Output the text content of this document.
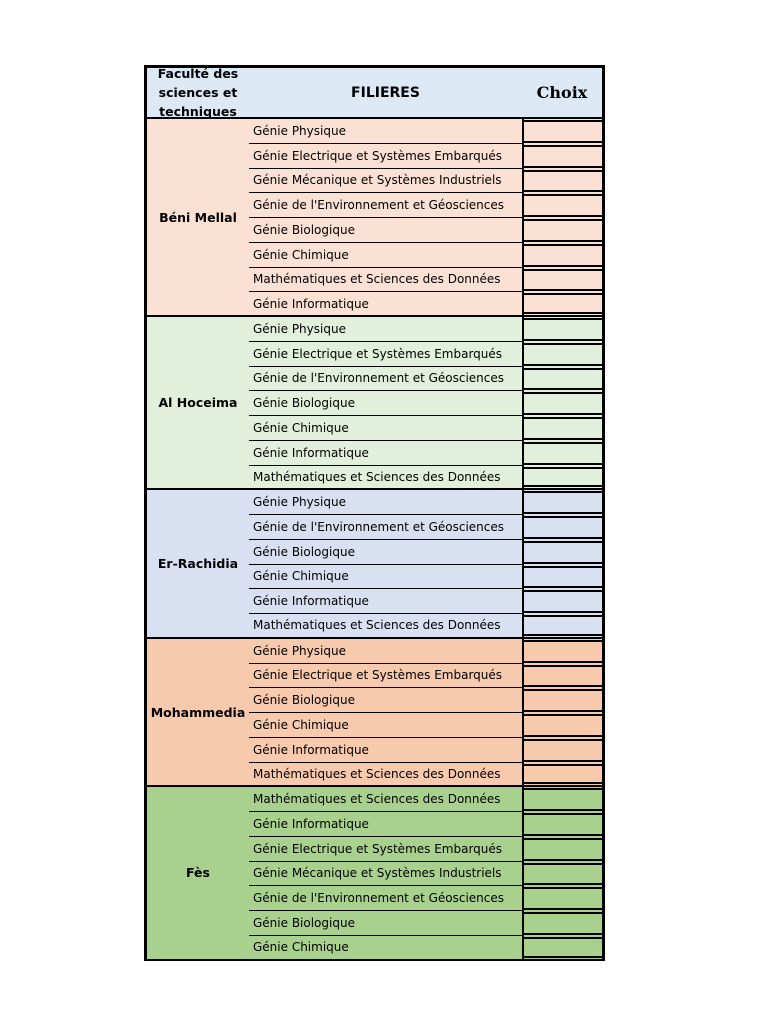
Faculté des sciences et techniques
FILIERES	Choix
Béni Mellal
Génie Physique
Génie Electrique et Systèmes Embarqués
Génie Mécanique et Systèmes Industriels
Génie de l'Environnement et Géosciences
Génie Biologique
Génie Chimique
Mathématiques et Sciences des Données
Génie Informatique
Al Hoceima
Génie Physique
Génie Electrique et Systèmes Embarqués
Génie de l'Environnement et Géosciences
Génie Biologique
Génie Chimique
Génie Informatique
Mathématiques et Sciences des Données
Er-Rachidia
Génie Physique
Génie de l'Environnement et Géosciences
Génie Biologique
Génie Chimique
Génie Informatique
Mathématiques et Sciences des Données
Mohammedia
Génie Physique
Génie Electrique et Systèmes Embarqués
Génie Biologique
Génie Chimique
Génie Informatique
Mathématiques et Sciences des Données
Fès
Mathématiques et Sciences des Données
Génie Informatique
Génie Electrique et Systèmes Embarqués
Génie Mécanique et Systèmes Industriels
Génie de l'Environnement et Géosciences
Génie Biologique
Génie Chimique
